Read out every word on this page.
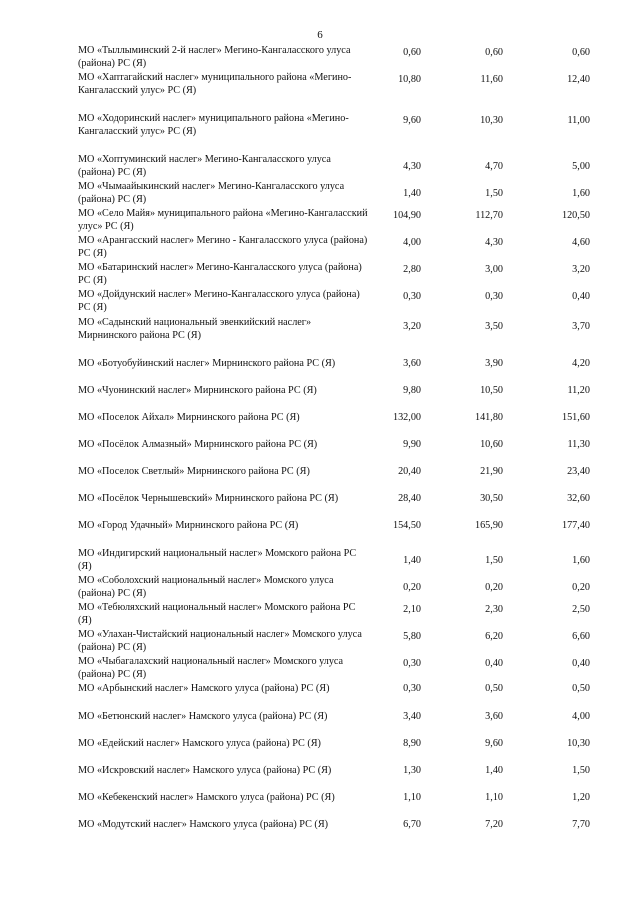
6
МО «Тыллыминский 2-й наслег» Мегино-Кангаласского улуса (района) РС (Я)
0,60	0,60	0,60
МО «Хаптагайский наслег» муниципального района «Мегино-Кангаласский улус» РС (Я)
10,80	11,60	12,40
МО «Ходоринский наслег» муниципального района «Мегино-Кангаласский улус» РС (Я)
9,60	10,30	11,00
МО «Хоптуминский наслег» Мегино-Кангаласского улуса (района) РС (Я)
4,30	4,70	5,00
МО «Чымаайыкинский наслег» Мегино-Кангаласского улуса (района) РС (Я)
1,40	1,50	1,60
МО «Село Майя» муниципального района «Мегино-Кангаласский улус» РС (Я)
104,90	112,70	120,50
МО «Арангасский наслег» Мегино - Кангаласского улуса (района) РС (Я)
4,00	4,30	4,60
МО «Батаринский наслег» Мегино-Кангаласского улуса (района) РС (Я)
2,80	3,00	3,20
МО «Дойдунский наслег» Мегино-Кангаласского улуса (района) РС (Я)
0,30	0,30	0,40
МО «Садынский национальный эвенкийский наслег» Мирнинского района РС (Я)
3,20	3,50	3,70
МО «Ботуобуйинский наслег» Мирнинского района РС (Я)	3,60	3,90	4,20
МО «Чуонинский наслег» Мирнинского района РС (Я)	9,80	10,50	11,20
МО «Поселок Айхал» Мирнинского района РС (Я)	132,00	141,80	151,60
МО «Посёлок Алмазный» Мирнинского района РС (Я)	9,90	10,60	11,30
МО «Поселок Светлый» Мирнинского района РС (Я)	20,40	21,90	23,40
МО «Посёлок Чернышевский» Мирнинского района РС (Я)	28,40	30,50	32,60
МО «Город Удачный» Мирнинского района РС (Я)	154,50	165,90	177,40
МО «Индигирский национальный наслег» Момского района РС (Я)
1,40	1,50	1,60
МО «Соболохский национальный наслег» Момского улуса (района) РС (Я)
0,20	0,20	0,20
МО «Тебюляхский национальный наслег» Момского района РС (Я)
2,10	2,30	2,50
МО «Улахан-Чистайский национальный наслег» Момского улуса (района) РС (Я)
5,80	6,20	6,60
МО «Чыбагалахский национальный наслег» Момского улуса (района) РС (Я)
0,30	0,40	0,40
МО «Арбынский наслег» Намского улуса (района) РС (Я)	0,30	0,50	0,50
МО «Бетюнский наслег» Намского улуса (района) РС (Я)	3,40	3,60	4,00
МО «Едейский наслег» Намского улуса (района) РС (Я)	8,90	9,60	10,30
МО «Искровский наслег» Намского улуса (района) РС (Я)	1,30	1,40	1,50
МО «Кебекенский наслег» Намского улуса (района) РС (Я)	1,10	1,10	1,20
МО «Модутский наслег» Намского улуса (района) РС (Я)	6,70	7,20	7,70
